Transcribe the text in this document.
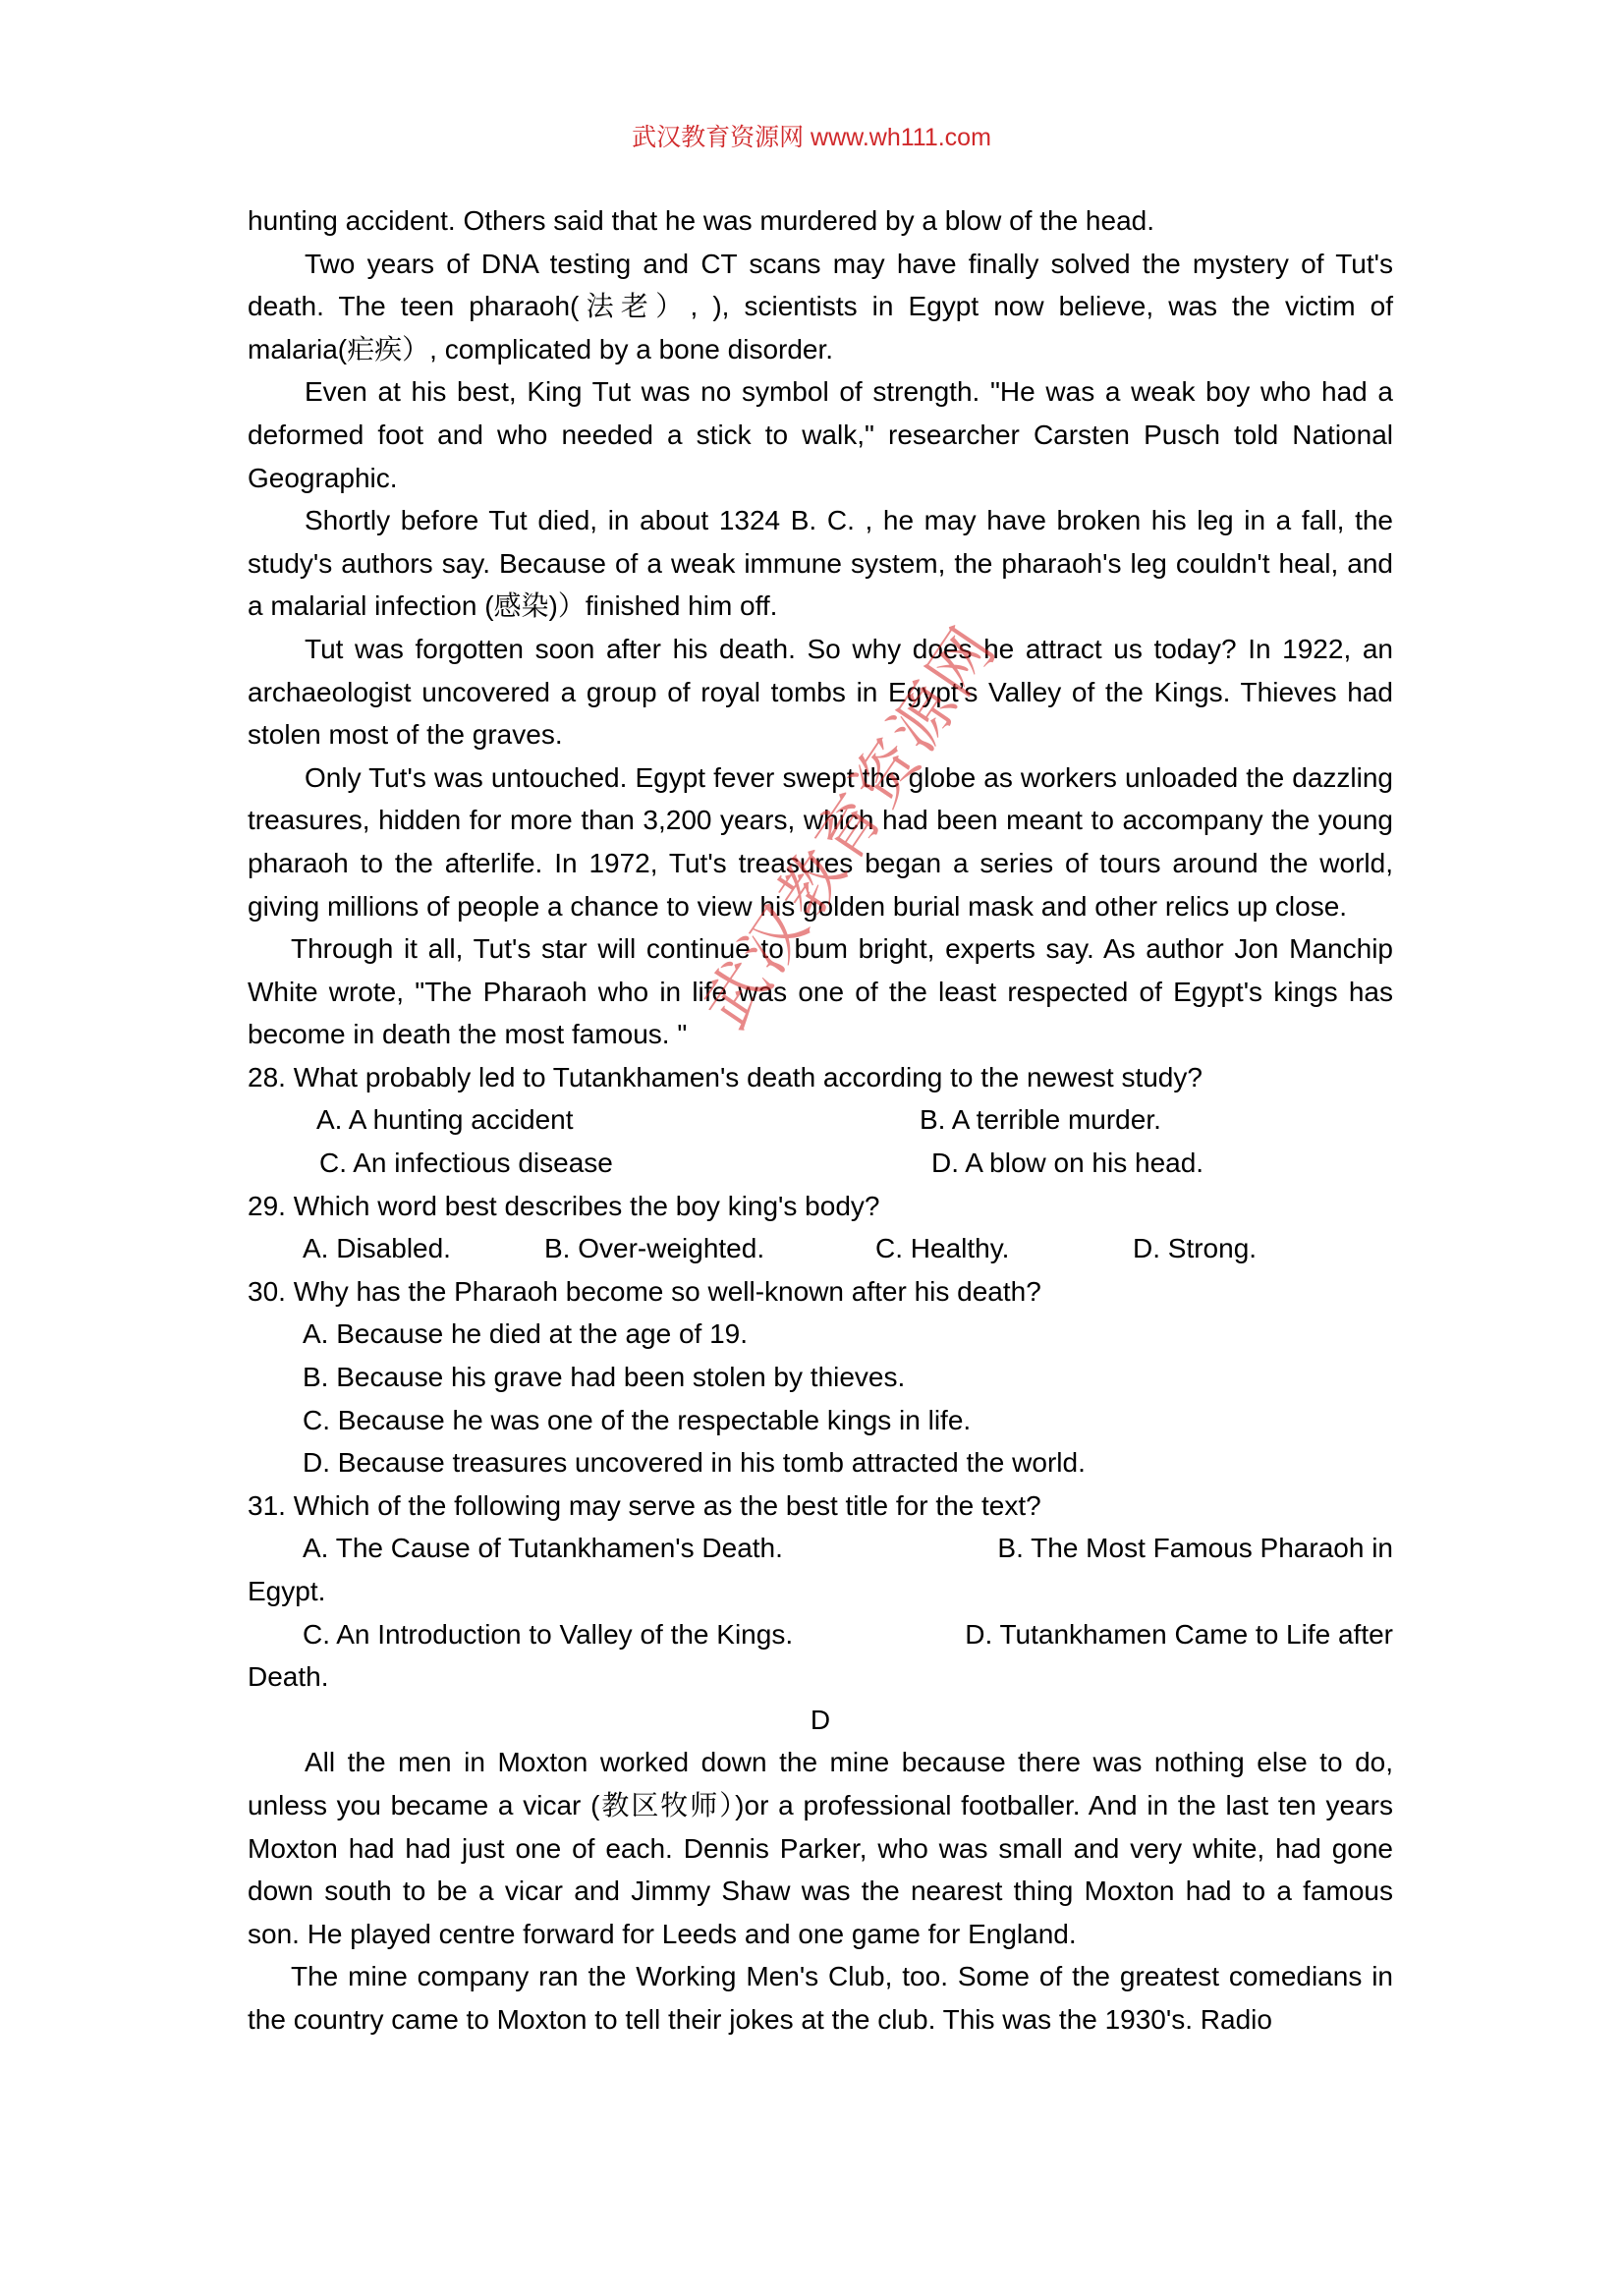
武汉教育资源网 www.wh111.com

hunting accident. Others said that he was murdered by a blow of the head.

Two years of DNA testing and CT scans may have finally solved the mystery of Tut's death. The teen pharaoh(法老）, ), scientists in Egypt now believe, was the victim of malaria(疟疾）, complicated by a bone disorder.

Even at his best, King Tut was no symbol of strength. "He was a weak boy who had a deformed foot and who needed a stick to walk," researcher Carsten Pusch told National Geographic.

Shortly before Tut died, in about 1324 B. C. , he may have broken his leg in a fall, the study's authors say. Because of a weak immune system, the pharaoh's leg couldn't heal, and a malarial infection (感染)）finished him off.

Tut was forgotten soon after his death. So why does he attract us today? In 1922, an archaeologist uncovered a group of royal tombs in Egypt’s Valley of the Kings. Thieves had stolen most of the graves.

Only Tut's was untouched. Egypt fever swept the globe as workers unloaded the dazzling treasures, hidden for more than 3,200 years, which had been meant to accompany the young pharaoh to the afterlife. In 1972, Tut's treasures began a series of tours around the world, giving millions of people a chance to view his golden burial mask and other relics up close.

Through it all, Tut's star will continue to bum bright, experts say. As author Jon Manchip White wrote, "The Pharaoh who in life was one of the least respected of Egypt's kings has become in death the most famous. "

28. What probably led to Tutankhamen's death according to the newest study?

A. A hunting accident	B. A terrible murder.
C. An infectious disease	D. A blow on his head.

29. Which word best describes the boy king's body?

A. Disabled.	B. Over-weighted.	C. Healthy.	D. Strong.

30. Why has the Pharaoh become so well-known after his death?

A. Because he died at the age of 19.

B. Because his grave had been stolen by thieves.

C. Because he was one of the respectable kings in life.

D. Because treasures uncovered in his tomb attracted the world.

31. Which of the following may serve as the best title for the text?

A. The Cause of Tutankhamen's Death.	B. The Most Famous Pharaoh in

Egypt.

C. An Introduction to Valley of the Kings.	D. Tutankhamen Came to Life after

Death.

D

All the men in Moxton worked down the mine because there was nothing else to do, unless you became a vicar (教区牧师）)or a professional footballer. And in the last ten years Moxton had had just one of each. Dennis Parker, who was small and very white, had gone down south to be a vicar and Jimmy Shaw was the nearest thing Moxton had to a famous son. He played centre forward for Leeds and one game for England.

The mine company ran the Working Men's Club, too. Some of the greatest comedians in the country came to Moxton to tell their jokes at the club. This was the 1930's. Radio

武汉教育资源网
